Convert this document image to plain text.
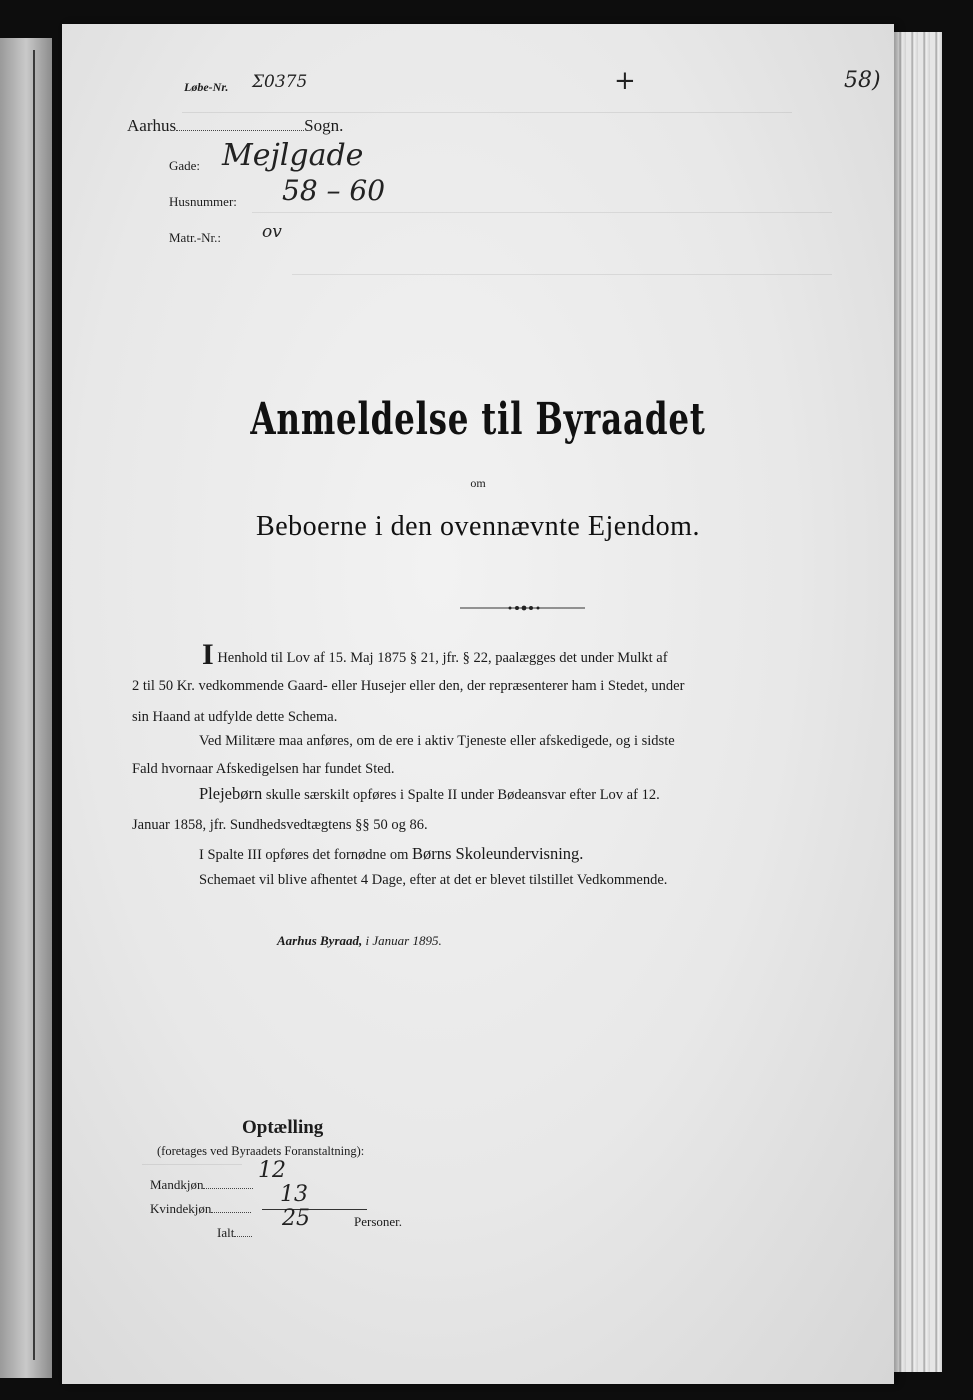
Løbe-Nr. Σ0375	+	58)
Aarhus	Sogn.
Gade: Mejlgade
Husnummer: 58 – 60
Matr.-Nr.: ov
Anmeldelse til Byraadet
om
Beboerne i den ovennævnte Ejendom.
I Henhold til Lov af 15. Maj 1875 § 21, jfr. § 22, paalægges det under Mulkt af
2 til 50 Kr. vedkommende Gaard- eller Husejer eller den, der repræsenterer ham i Stedet, under
sin Haand at udfylde dette Schema.
Ved Militære maa anføres, om de ere i aktiv Tjeneste eller afskedigede, og i sidste
Fald hvornaar Afskedigelsen har fundet Sted.
Plejebørn skulle særskilt opføres i Spalte II under Bødeansvar efter Lov af 12.
Januar 1858, jfr. Sundhedsvedtægtens §§ 50 og 86.
I Spalte III opføres det fornødne om Børns Skoleundervisning.
Schemaet vil blive afhentet 4 Dage, efter at det er blevet tilstillet Vedkommende.
Aarhus Byraad, i Januar 1895.
Optælling
(foretages ved Byraadets Foranstaltning):
Mandkjøn
12
Kvindekjøn
13
Ialt
25	Personer.
